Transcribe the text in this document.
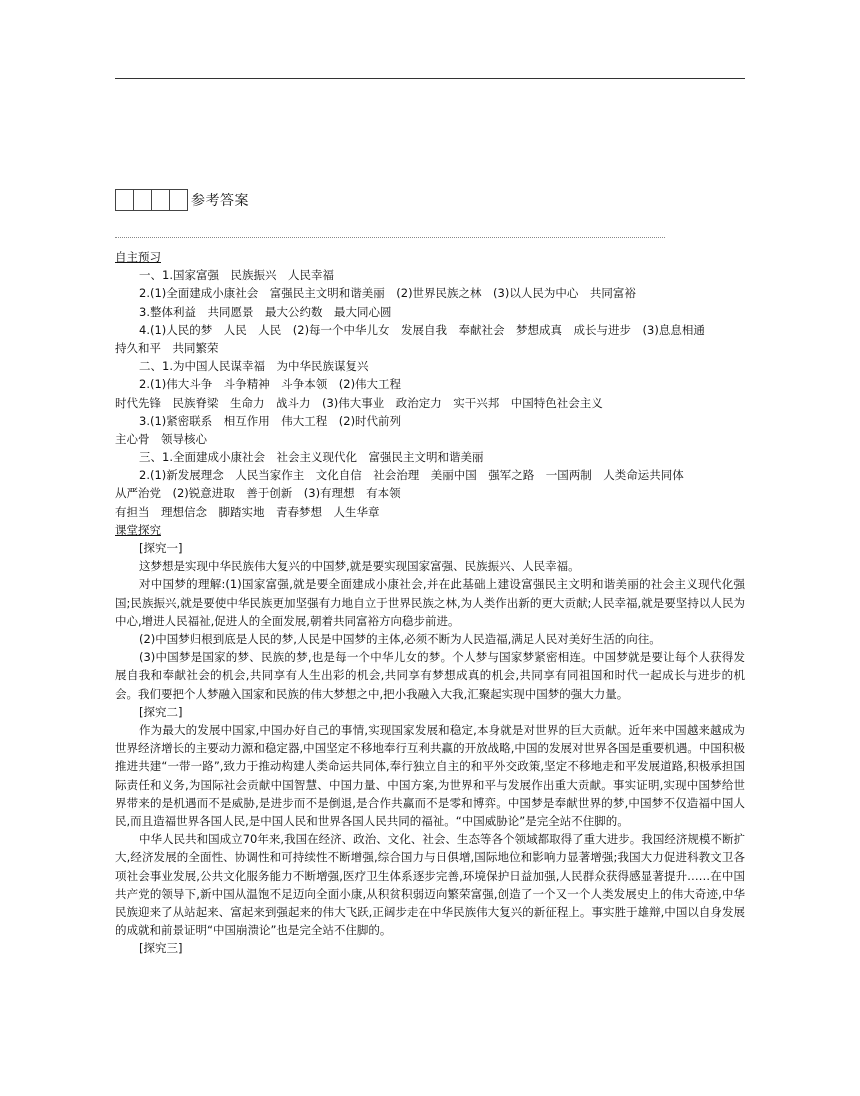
参考答案
自主预习
一、1.国家富强　民族振兴　人民幸福
2.(1)全面建成小康社会　富强民主文明和谐美丽　(2)世界民族之林　(3)以人民为中心　共同富裕
3.整体利益　共同愿景　最大公约数　最大同心圆
4.(1)人民的梦　人民　人民　(2)每一个中华儿女　发展自我　奉献社会　梦想成真　成长与进步　(3)息息相通
持久和平　共同繁荣
二、1.为中国人民谋幸福　为中华民族谋复兴
2.(1)伟大斗争　斗争精神　斗争本领　(2)伟大工程
时代先锋　民族脊梁　生命力　战斗力　(3)伟大事业　政治定力　实干兴邦　中国特色社会主义
3.(1)紧密联系　相互作用　伟大工程　(2)时代前列
主心骨　领导核心
三、1.全面建成小康社会　社会主义现代化　富强民主文明和谐美丽
2.(1)新发展理念　人民当家作主　文化自信　社会治理　美丽中国　强军之路　一国两制　人类命运共同体
从严治党　(2)锐意进取　善于创新　(3)有理想　有本领
有担当　理想信念　脚踏实地　青春梦想　人生华章
课堂探究
[探究一]
这梦想是实现中华民族伟大复兴的中国梦,就是要实现国家富强、民族振兴、人民幸福。
对中国梦的理解:(1)国家富强,就是要全面建成小康社会,并在此基础上建设富强民主文明和谐美丽的社会主义现代化强国;民族振兴,就是要使中华民族更加坚强有力地自立于世界民族之林,为人类作出新的更大贡献;人民幸福,就是要坚持以人民为中心,增进人民福祉,促进人的全面发展,朝着共同富裕方向稳步前进。
(2)中国梦归根到底是人民的梦,人民是中国梦的主体,必须不断为人民造福,满足人民对美好生活的向往。
(3)中国梦是国家的梦、民族的梦,也是每一个中华儿女的梦。个人梦与国家梦紧密相连。中国梦就是要让每个人获得发展自我和奉献社会的机会,共同享有人生出彩的机会,共同享有梦想成真的机会,共同享有同祖国和时代一起成长与进步的机会。我们要把个人梦融入国家和民族的伟大梦想之中,把小我融入大我,汇聚起实现中国梦的强大力量。
[探究二]
作为最大的发展中国家,中国办好自己的事情,实现国家发展和稳定,本身就是对世界的巨大贡献。近年来中国越来越成为世界经济增长的主要动力源和稳定器,中国坚定不移地奉行互利共赢的开放战略,中国的发展对世界各国是重要机遇。中国积极推进共建“一带一路”,致力于推动构建人类命运共同体,奉行独立自主的和平外交政策,坚定不移地走和平发展道路,积极承担国际责任和义务,为国际社会贡献中国智慧、中国力量、中国方案,为世界和平与发展作出重大贡献。事实证明,实现中国梦给世界带来的是机遇而不是威胁,是进步而不是倒退,是合作共赢而不是零和博弈。中国梦是奉献世界的梦,中国梦不仅造福中国人民,而且造福世界各国人民,是中国人民和世界各国人民共同的福祉。“中国威胁论”是完全站不住脚的。
中华人民共和国成立70年来,我国在经济、政治、文化、社会、生态等各个领域都取得了重大进步。我国经济规模不断扩大,经济发展的全面性、协调性和可持续性不断增强,综合国力与日俱增,国际地位和影响力显著增强;我国大力促进科教文卫各项社会事业发展,公共文化服务能力不断增强,医疗卫生体系逐步完善,环境保护日益加强,人民群众获得感显著提升……在中国共产党的领导下,新中国从温饱不足迈向全面小康,从积贫积弱迈向繁荣富强,创造了一个又一个人类发展史上的伟大奇迹,中华民族迎来了从站起来、富起来到强起来的伟大飞跃,正阔步走在中华民族伟大复兴的新征程上。事实胜于雄辩,中国以自身发展的成就和前景证明“中国崩溃论”也是完全站不住脚的。
[探究三]
